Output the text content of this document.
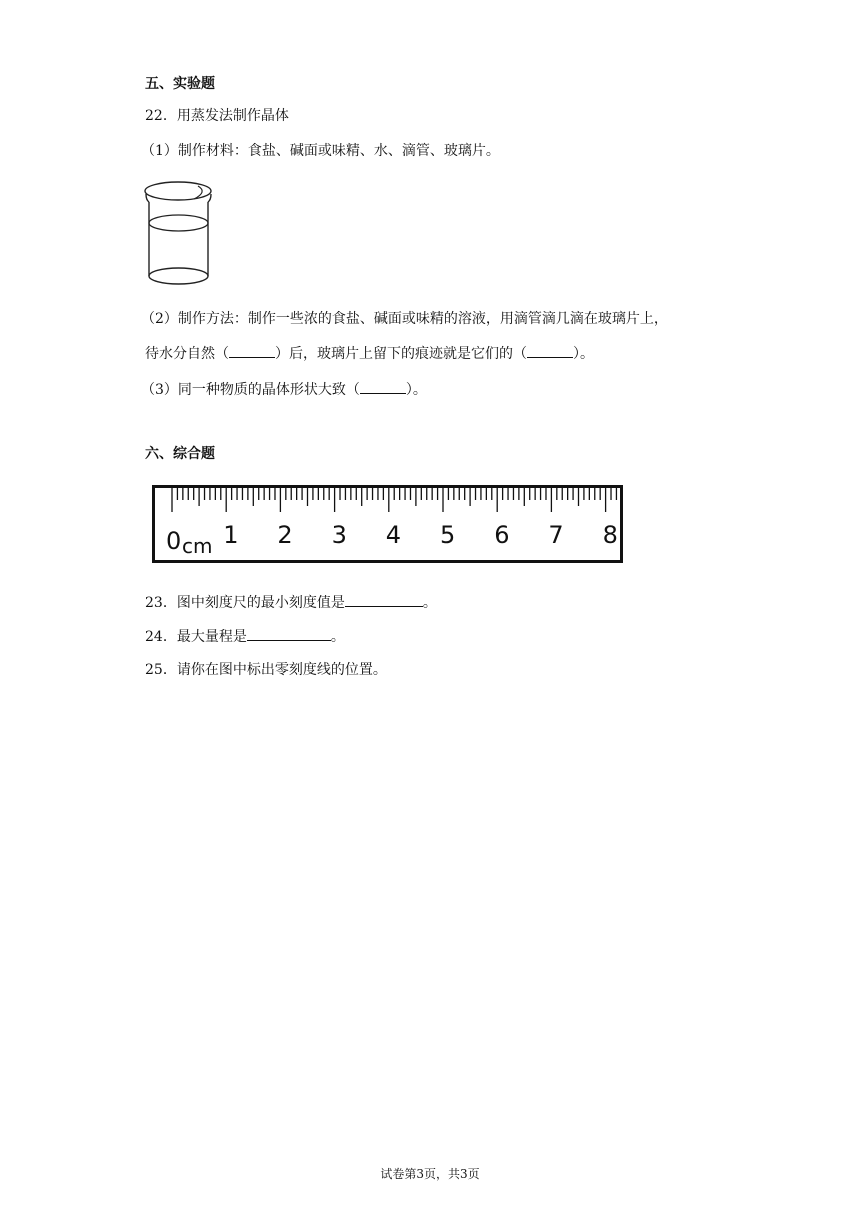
五、实验题
22．用蒸发法制作晶体
（1）制作材料：食盐、碱面或味精、水、滴管、玻璃片。
（2）制作方法：制作一些浓的食盐、碱面或味精的溶液，用滴管滴几滴在玻璃片上，
待水分自然（	）后，玻璃片上留下的痕迹就是它们的（	）。
（3）同一种物质的晶体形状大致（	）。
六、综合题
0 1 2 3 4 5 6 7 8
cm
23．图中刻度尺的最小刻度值是	。
24．最大量程是	。
25．请你在图中标出零刻度线的位置。
试卷第3页，共3页
